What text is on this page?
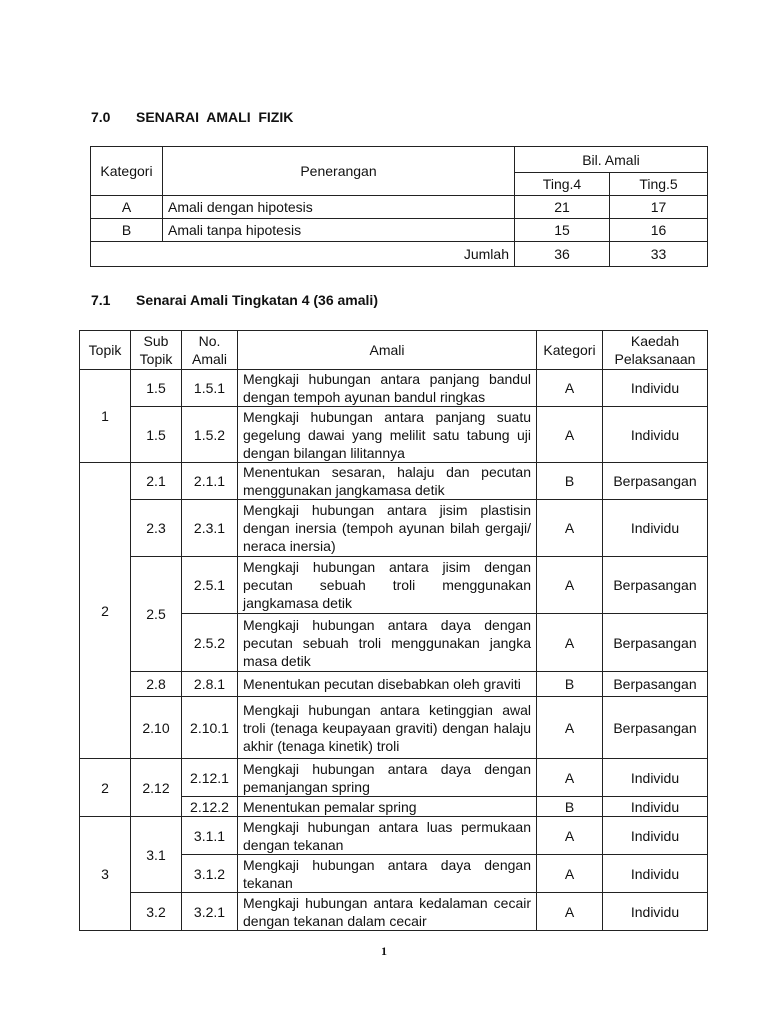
7.0	SENARAI  AMALI  FIZIK
Kategori	Penerangan	Bil. Amali	
		Ting.4	Ting.5
A	Amali dengan hipotesis	21	17
B	Amali tanpa hipotesis	15	16
Jumlah		36	33
7.1	Senarai Amali Tingkatan 4 (36 amali)
Topik	Sub Topik	No. Amali	Amali	Kategori	Kaedah Pelaksanaan
1	1.5	1.5.1	Mengkaji hubungan antara panjang bandul dengan tempoh ayunan bandul ringkas	A	Individu
	1.5	1.5.2	Mengkaji hubungan antara panjang suatu gegelung dawai yang melilit satu tabung uji dengan bilangan lilitannya	A	Individu
2	2.1	2.1.1	Menentukan sesaran, halaju dan pecutan menggunakan jangkamasa detik	B	Berpasangan
	2.3	2.3.1	Mengkaji hubungan antara jisim plastisin dengan inersia (tempoh ayunan bilah gergaji/ neraca inersia)	A	Individu
	2.5	2.5.1	Mengkaji hubungan antara jisim dengan pecutan sebuah troli menggunakan jangkamasa detik	A	Berpasangan
		2.5.2	Mengkaji hubungan antara daya dengan pecutan sebuah troli menggunakan jangka masa detik	A	Berpasangan
	2.8	2.8.1	Menentukan pecutan disebabkan oleh graviti	B	Berpasangan
	2.10	2.10.1	Mengkaji hubungan antara ketinggian awal troli (tenaga keupayaan graviti) dengan halaju akhir (tenaga kinetik) troli	A	Berpasangan
2	2.12	2.12.1	Mengkaji hubungan antara daya dengan pemanjangan spring	A	Individu
		2.12.2	Menentukan pemalar spring	B	Individu
3	3.1	3.1.1	Mengkaji hubungan antara luas permukaan dengan tekanan	A	Individu
		3.1.2	Mengkaji hubungan antara daya dengan tekanan	A	Individu
	3.2	3.2.1	Mengkaji hubungan antara kedalaman cecair dengan tekanan dalam cecair	A	Individu
1
